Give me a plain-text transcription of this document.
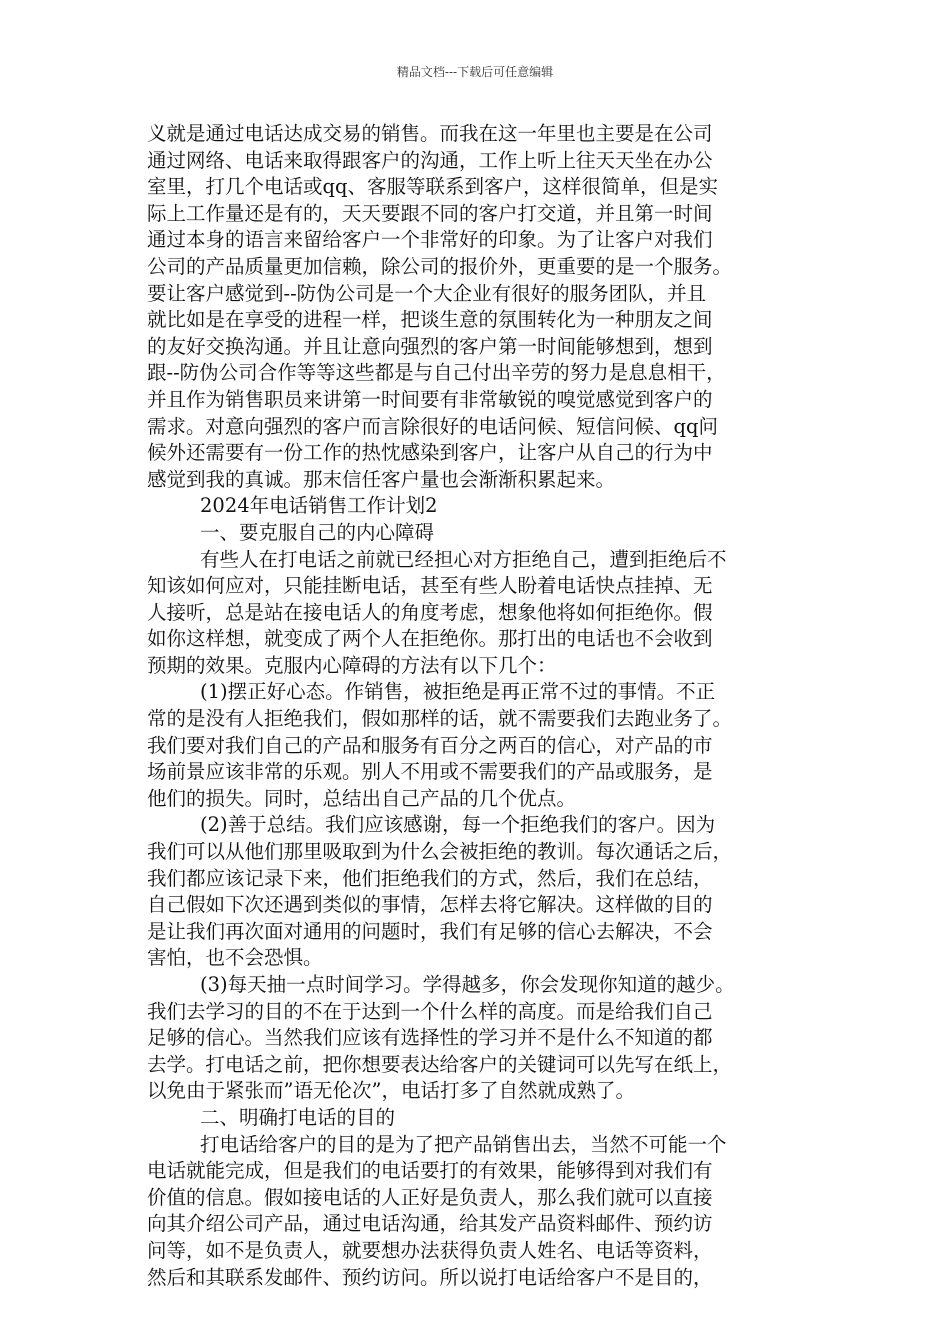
精品文档---下载后可任意编辑
义就是通过电话达成交易的销售。而我在这一年里也主要是在公司
通过网络、电话来取得跟客户的沟通，工作上听上往天天坐在办公
室里，打几个电话或qq、客服等联系到客户，这样很简单，但是实
际上工作量还是有的，天天要跟不同的客户打交道，并且第一时间
通过本身的语言来留给客户一个非常好的印象。为了让客户对我们
公司的产品质量更加信赖，除公司的报价外，更重要的是一个服务。
要让客户感觉到--防伪公司是一个大企业有很好的服务团队，并且
就比如是在享受的进程一样，把谈生意的氛围转化为一种朋友之间
的友好交换沟通。并且让意向强烈的客户第一时间能够想到，想到
跟--防伪公司合作等等这些都是与自己付出辛劳的努力是息息相干，
并且作为销售职员来讲第一时间要有非常敏锐的嗅觉感觉到客户的
需求。对意向强烈的客户而言除很好的电话问候、短信问候、qq问
候外还需要有一份工作的热忱感染到客户，让客户从自己的行为中
感觉到我的真诚。那末信任客户量也会渐渐积累起来。
2024年电话销售工作计划2
一、要克服自己的内心障碍
有些人在打电话之前就已经担心对方拒绝自己，遭到拒绝后不
知该如何应对，只能挂断电话，甚至有些人盼着电话快点挂掉、无
人接听，总是站在接电话人的角度考虑，想象他将如何拒绝你。假
如你这样想，就变成了两个人在拒绝你。那打出的电话也不会收到
预期的效果。克服内心障碍的方法有以下几个：
(1)摆正好心态。作销售，被拒绝是再正常不过的事情。不正
常的是没有人拒绝我们，假如那样的话，就不需要我们去跑业务了。
我们要对我们自己的产品和服务有百分之两百的信心，对产品的市
场前景应该非常的乐观。别人不用或不需要我们的产品或服务，是
他们的损失。同时，总结出自己产品的几个优点。
(2)善于总结。我们应该感谢，每一个拒绝我们的客户。因为
我们可以从他们那里吸取到为什么会被拒绝的教训。每次通话之后，
我们都应该记录下来，他们拒绝我们的方式，然后，我们在总结，
自己假如下次还遇到类似的事情，怎样去将它解决。这样做的目的
是让我们再次面对通用的问题时，我们有足够的信心去解决，不会
害怕，也不会恐惧。
(3)每天抽一点时间学习。学得越多，你会发现你知道的越少。
我们去学习的目的不在于达到一个什么样的高度。而是给我们自己
足够的信心。当然我们应该有选择性的学习并不是什么不知道的都
去学。打电话之前，把你想要表达给客户的关键词可以先写在纸上，
以免由于紧张而”语无伦次”，电话打多了自然就成熟了。
二、明确打电话的目的
打电话给客户的目的是为了把产品销售出去，当然不可能一个
电话就能完成，但是我们的电话要打的有效果，能够得到对我们有
价值的信息。假如接电话的人正好是负责人，那么我们就可以直接
向其介绍公司产品，通过电话沟通，给其发产品资料邮件、预约访
问等，如不是负责人，就要想办法获得负责人姓名、电话等资料，
然后和其联系发邮件、预约访问。所以说打电话给客户不是目的，
